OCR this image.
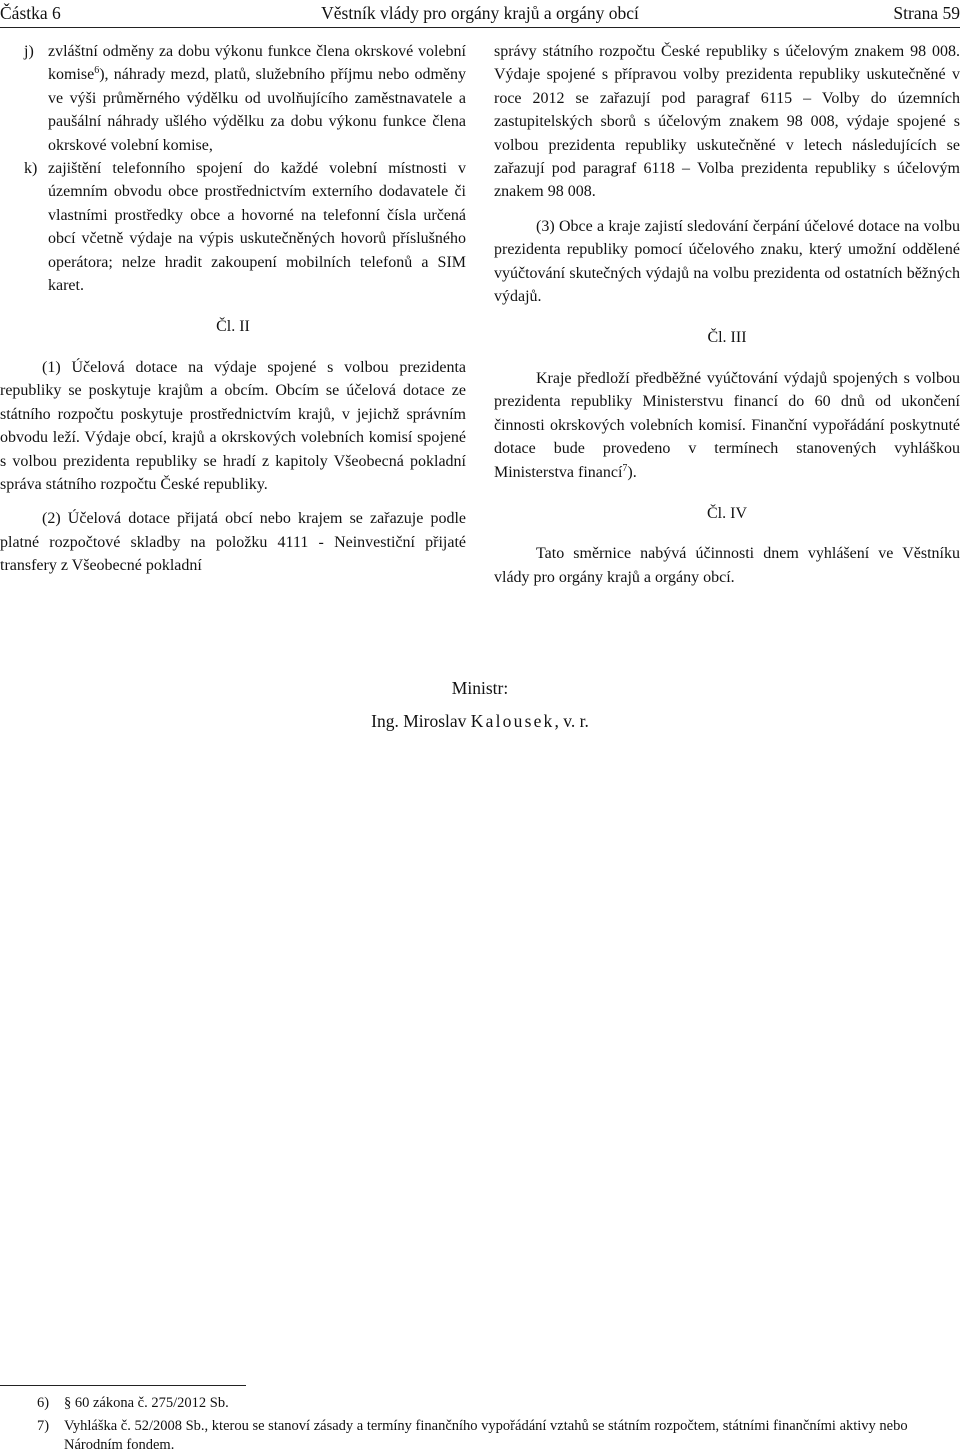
Částka 6	Věstník vlády pro orgány krajů a orgány obcí	Strana 59

j) zvláštní odměny za dobu výkonu funkce člena okrskové volební komise$^6$), náhrady mezd, platů, služebního příjmu nebo odměny ve výši průměrného výdělku od uvolňujícího zaměstnavatele a paušální náhrady ušlého výdělku za dobu výkonu funkce člena okrskové volební komise,

k) zajištění telefonního spojení do každé volební místnosti v územním obvodu obce prostřednictvím externího dodavatele či vlastními prostředky obce a hovorné na telefonní čísla určená obcí včetně výdaje na výpis uskutečněných hovorů příslušného operátora; nelze hradit zakoupení mobilních telefonů a SIM karet.

Čl. II

(1) Účelová dotace na výdaje spojené s volbou prezidenta republiky se poskytuje krajům a obcím. Obcím se účelová dotace ze státního rozpočtu poskytuje prostřednictvím krajů, v jejichž správním obvodu leží. Výdaje obcí, krajů a okrskových volebních komisí spojené s volbou prezidenta republiky se hradí z kapitoly Všeobecná pokladní správa státního rozpočtu České republiky.

(2) Účelová dotace přijatá obcí nebo krajem se zařazuje podle platné rozpočtové skladby na položku 4111 - Neinvestiční přijaté transfery z Všeobecné pokladní

správy státního rozpočtu České republiky s účelovým znakem 98 008. Výdaje spojené s přípravou volby prezidenta republiky uskutečněné v roce 2012 se zařazují pod paragraf 6115 – Volby do územních zastupitelských sborů s účelovým znakem 98 008, výdaje spojené s volbou prezidenta republiky uskutečněné v letech následujících se zařazují pod paragraf 6118 – Volba prezidenta republiky s účelovým znakem 98 008.

(3) Obce a kraje zajistí sledování čerpání účelové dotace na volbu prezidenta republiky pomocí účelového znaku, který umožní oddělené vyúčtování skutečných výdajů na volbu prezidenta od ostatních běžných výdajů.

Čl. III

Kraje předloží předběžné vyúčtování výdajů spojených s volbou prezidenta republiky Ministerstvu financí do 60 dnů od ukončení činnosti okrskových volebních komisí. Finanční vypořádání poskytnuté dotace bude provedeno v termínech stanovených vyhláškou Ministerstva financí$^7$).

Čl. IV

Tato směrnice nabývá účinnosti dnem vyhlášení ve Věstníku vlády pro orgány krajů a orgány obcí.

Ministr:
Ing. Miroslav Kalousek, v. r.
6) § 60 zákona č. 275/2012 Sb.
7) Vyhláška č. 52/2008 Sb., kterou se stanoví zásady a termíny finančního vypořádání vztahů se státním rozpočtem, státními finančními aktivy nebo Národním fondem.
